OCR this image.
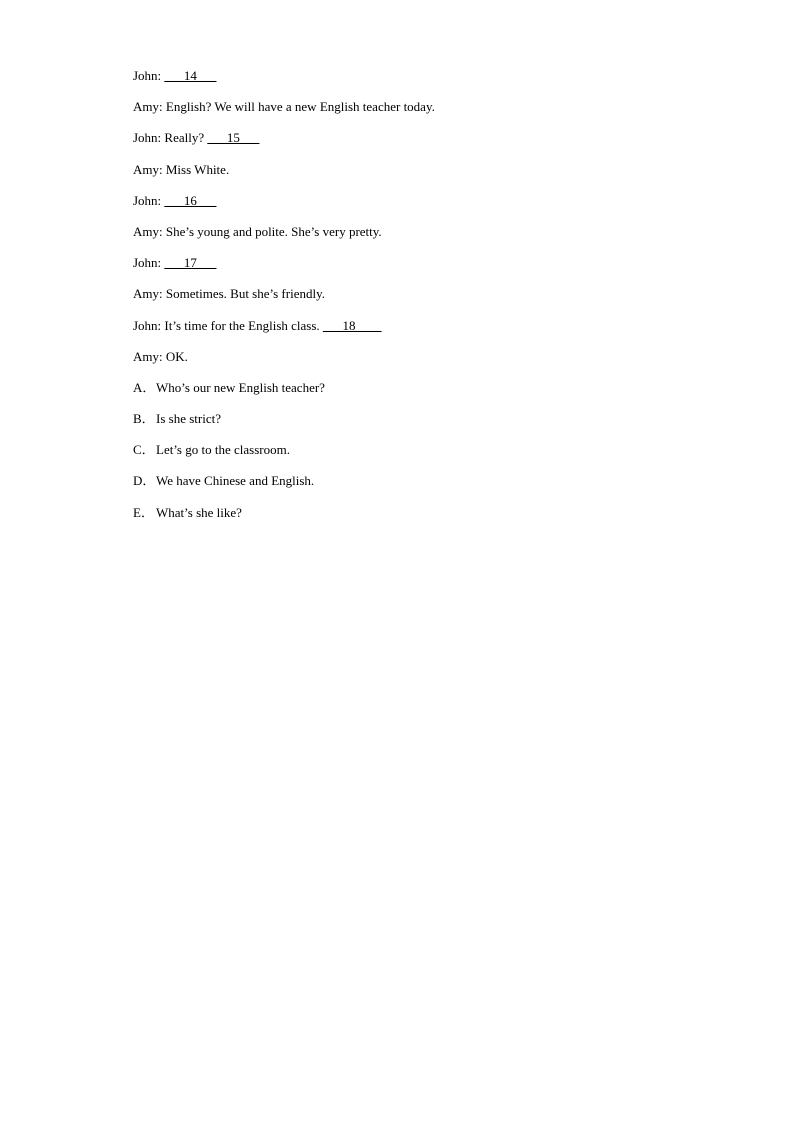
John: ___14___
Amy: English? We will have a new English teacher today.
John: Really? ___15___
Amy: Miss White.
John: ___16___
Amy: She’s young and polite. She’s very pretty.
John: ___17___
Amy: Sometimes. But she’s friendly.
John: It’s time for the English class. ___18____
Amy: OK.
A．Who’s our new English teacher?
B．Is she strict?
C．Let’s go to the classroom.
D．We have Chinese and English.
E． What’s she like?
